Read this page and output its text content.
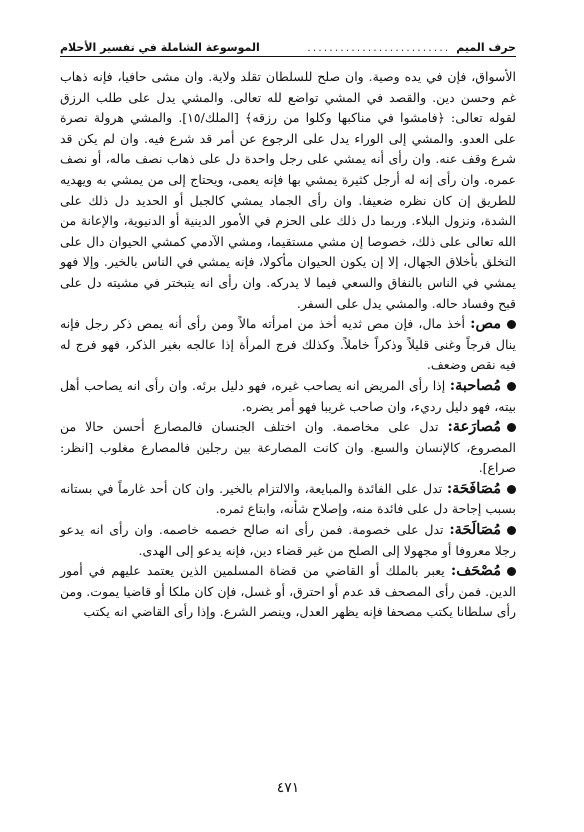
حرف الميم
..........................
الموسوعة الشاملة في تفسير الأحلام

الأسواق، فإن في يده وصية. وان صلح للسلطان تقلد ولاية. وان مشى حافيا، فإنه ذهاب غم وحسن دين. والقصد في المشي تواضع لله تعالى. والمشي يدل على طلب الرزق لقوله تعالى: ﴿فامشوا في مناكبها وكلوا من رزقه﴾ [الملك/١٥]. والمشي هرولة نصرة على العدو. والمشي إلى الوراء يدل على الرجوع عن أمر قد شرع فيه. وان لم يكن قد شرع وقف عنه. وان رأى أنه يمشي على رجل واحدة دل على ذهاب نصف ماله، أو نصف عمره. وان رأى إنه له أرجل كثيرة يمشي بها فإنه يعمى، ويحتاج إلى من يمشي به ويهديه للطريق إن كان نظره ضعيفا. وان رأى الجماد يمشي كالجبل أو الحديد دل ذلك على الشدة، ونزول البلاء. وربما دل ذلك على الحزم في الأمور الدينية أو الدنيوية، والإعانة من الله تعالى على ذلك، خصوصا إن مشي مستقيما، ومشي الآدمي كمشي الحيوان دال على التخلق بأخلاق الجهال، إلا إن يكون الحيوان مأكولا، فإنه يمشي في الناس بالخير. وإلا فهو يمشي في الناس بالنفاق والسعي فيما لا يدركه. وان رأى انه يتبختر في مشيته دل على قبح وفساد حاله. والمشي يدل على السفر.

مص: أخذ مال، فإن مص ثديه أخذ من امرأته مالاً ومن رأى أنه يمص ذكر رجل فإنه ينال فرجاً وغنى قليلاً وذكراً خاملاً. وكذلك فرج المرأة إذا عالجه بغير الذكر، فهو فرج له فيه نقص وضعف.

مُصاحبة: إذا رأى المريض انه يصاحب غيره، فهو دليل برئه. وان رأى انه يصاحب أهل بيته، فهو دليل رديء، وان صاحب غريبا فهو أمر يضره.

مُصارَعة: تدل على مخاصمة. وان اختلف الجنسان فالمصارع أحسن حالا من المصروع، كالإنسان والسبع. وان كانت المصارعة بين رجلين فالمصارع مغلوب [انظر: صراع].

مُصَافَحَة: تدل على الفائدة والمبايعة، والالتزام بالخير. وان كان أحد غارماً في بستانه بسبب إجاحة دل على فائدة منه، وإصلاح شأنه، وابتاع ثمره.

مُصَالَحَة: تدل على خصومة. فمن رأى انه صالح خصمه خاصمه. وان رأى انه يدعو رجلا معروفا أو مجهولا إلى الصلح من غير قضاء دين، فإنه يدعو إلى الهدى.

مُصْحَف: يعبر بالملك أو القاضي من قضاة المسلمين الذين يعتمد عليهم في أمور الدين. فمن رأى المصحف قد عدم أو احترق، أو غسل، فإن كان ملكا أو قاضيا يموت. ومن رأى سلطانا يكتب مصحفا فإنه يظهر العدل، وينصر الشرع. وإذا رأى القاضي انه يكتب

٤٧١
